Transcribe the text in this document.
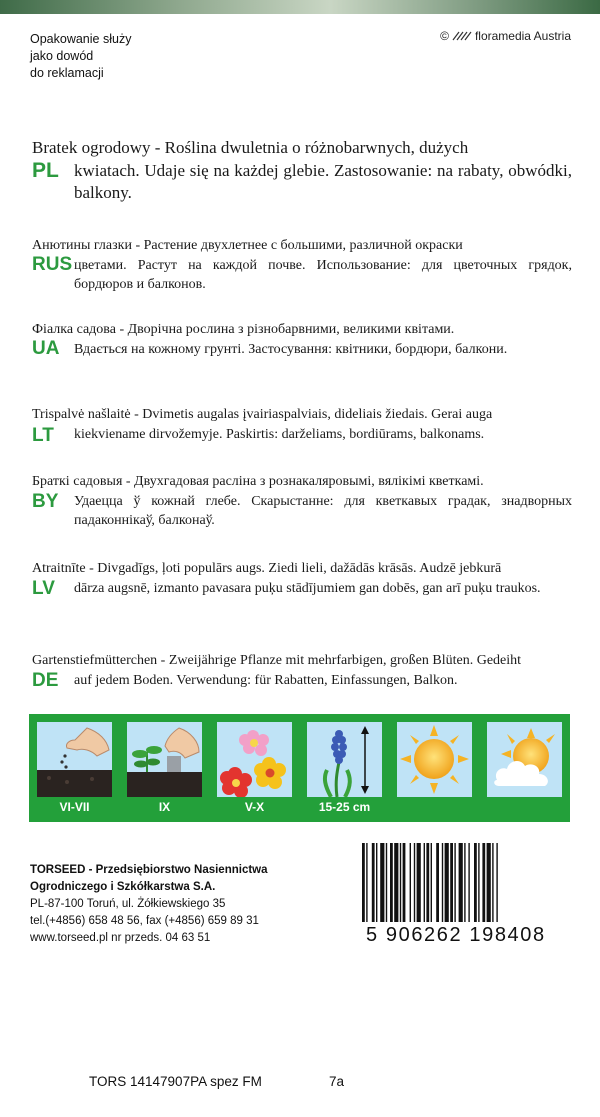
Opakowanie służy
jako dowód
do reklamacji
© floramedia Austria
PL
Bratek ogrodowy - Roślina dwuletnia o różnobarwnych, dużych
kwiatach. Udaje się na każdej glebie. Zastosowanie: na rabaty, obwódki, balkony.
RUS
Анютины глазки - Растение двухлетнее с большими, различной окраски
цветами. Растут на каждой почве. Использование: для цветочных грядок, бордюров и балконов.
UA
Фіалка садова - Дворічна рослина з різнобарвними, великими квітами.
Вдається на кожному грунті. Застосування: квітники, бордюри, балкони.
LT
Trispalvė našlaitė - Dvimetis augalas įvairiaspalviais, dideliais žiedais. Gerai auga
kiekviename dirvožemyje. Paskirtis: darželiams, bordiūrams, balkonams.
BY
Браткі садовыя - Двухгадовая расліна з рознакаляровымі, вялікімі кветкамі.
Удаецца ў кожнай глебе. Скарыстанне: для кветкавых градак, знадворных падаконнікаў, балконаў.
LV
Atraitnīte - Divgadīgs, ļoti populārs augs. Ziedi lieli, dažādās krāsās. Audzē jebkurā
dārza augsnē, izmanto pavasara puķu stādījumiem gan dobēs, gan arī puķu traukos.
DE
Gartenstiefmütterchen - Zweijährige Pflanze mit mehrfarbigen, großen Blüten. Gedeiht
auf jedem Boden. Verwendung: für Rabatten, Einfassungen, Balkon.
VI-VII	IX	V-X	15-25 cm
TORSEED - Przedsiębiorstwo Nasiennictwa
Ogrodniczego i Szkółkarstwa S.A.
PL-87-100 Toruń, ul. Żółkiewskiego 35
tel.(+4856) 658 48 56, fax (+4856) 659 89 31
www.torseed.pl nr przeds. 04 63 51	5 906262 198408
TORS 14147907PA spez FM	7a
